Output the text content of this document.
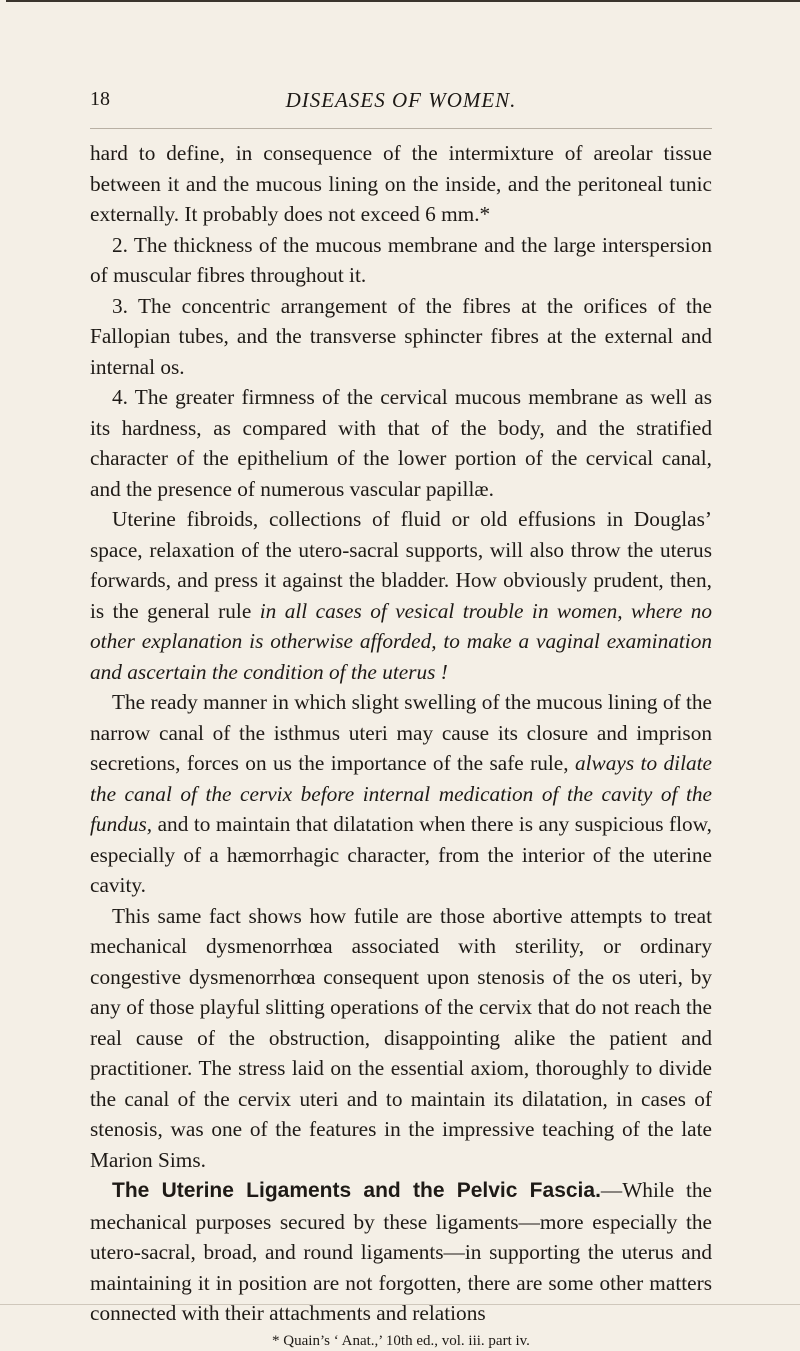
18	DISEASES OF WOMEN.

hard to define, in consequence of the intermixture of areolar tissue between it and the mucous lining on the inside, and the peritoneal tunic externally. It probably does not exceed 6 mm.*

2. The thickness of the mucous membrane and the large interspersion of muscular fibres throughout it.

3. The concentric arrangement of the fibres at the orifices of the Fallopian tubes, and the transverse sphincter fibres at the external and internal os.

4. The greater firmness of the cervical mucous membrane as well as its hardness, as compared with that of the body, and the stratified character of the epithelium of the lower portion of the cervical canal, and the presence of numerous vascular papillæ.

Uterine fibroids, collections of fluid or old effusions in Douglas’ space, relaxation of the utero-sacral supports, will also throw the uterus forwards, and press it against the bladder. How obviously prudent, then, is the general rule in all cases of vesical trouble in women, where no other explanation is otherwise afforded, to make a vaginal examination and ascertain the condition of the uterus !

The ready manner in which slight swelling of the mucous lining of the narrow canal of the isthmus uteri may cause its closure and imprison secretions, forces on us the importance of the safe rule, always to dilate the canal of the cervix before internal medication of the cavity of the fundus, and to maintain that dilatation when there is any suspicious flow, especially of a hæmorrhagic character, from the interior of the uterine cavity.

This same fact shows how futile are those abortive attempts to treat mechanical dysmenorrhœa associated with sterility, or ordinary congestive dysmenorrhœa consequent upon stenosis of the os uteri, by any of those playful slitting operations of the cervix that do not reach the real cause of the obstruction, disappointing alike the patient and practitioner. The stress laid on the essential axiom, thoroughly to divide the canal of the cervix uteri and to maintain its dilatation, in cases of stenosis, was one of the features in the impressive teaching of the late Marion Sims.

The Uterine Ligaments and the Pelvic Fascia.—While the mechanical purposes secured by these ligaments—more especially the utero-sacral, broad, and round ligaments—in supporting the uterus and maintaining it in position are not forgotten, there are some other matters connected with their attachments and relations

* Quain’s ‘ Anat.,’ 10th ed., vol. iii. part iv.
